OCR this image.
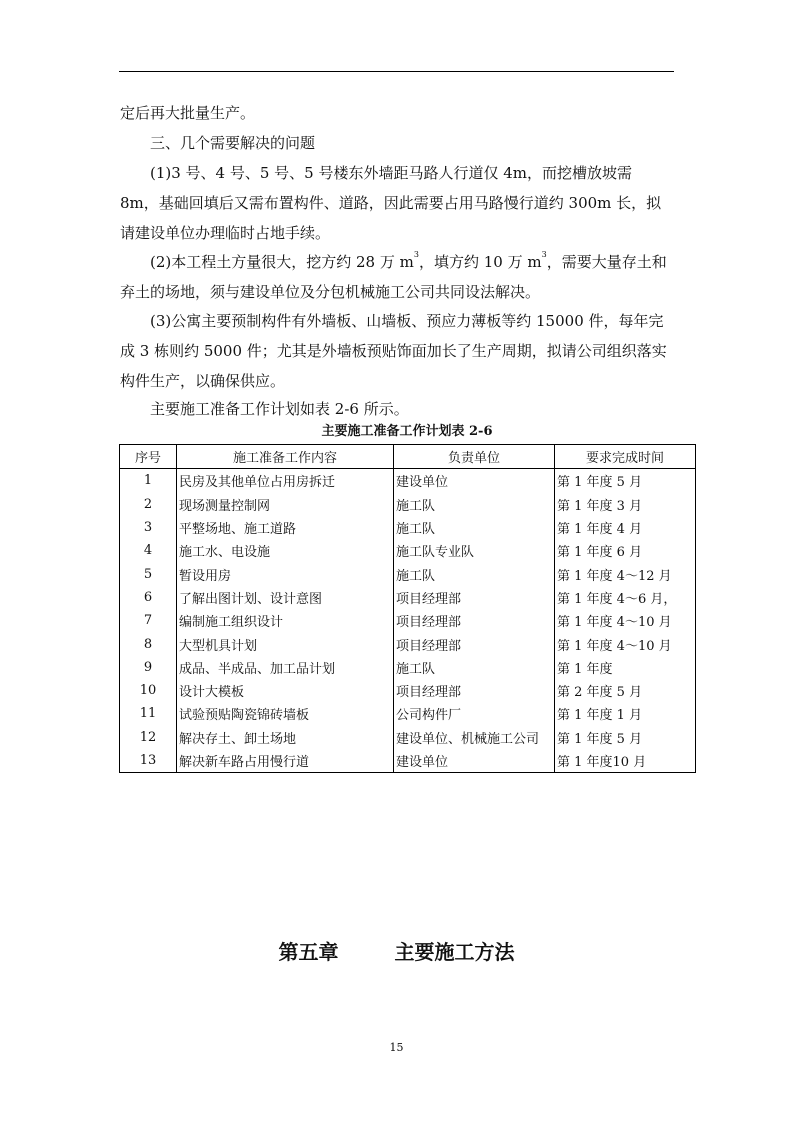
定后再大批量生产。

三、几个需要解决的问题

(1)3 号、4 号、5 号、5 号楼东外墙距马路人行道仅 4m，而挖槽放坡需 8m，基础回填后又需布置构件、道路，因此需要占用马路慢行道约 300m 长，拟请建设单位办理临时占地手续。

(2)本工程土方量很大，挖方约 28 万 $m^3$，填方约 10 万 $m^3$，需要大量存土和弃土的场地，须与建设单位及分包机械施工公司共同设法解决。

(3)公寓主要预制构件有外墙板、山墙板、预应力薄板等约 15000 件，每年完成 3 栋则约 5000 件；尤其是外墙板预贴饰面加长了生产周期，拟请公司组织落实构件生产，以确保供应。

主要施工准备工作计划如表 2-6 所示。

主要施工准备工作计划表 2-6
序号	施工准备工作内容	负责单位	要求完成时间
1	民房及其他单位占用房拆迁	建设单位	第 1 年度 5 月
2	现场测量控制网	施工队	第 1 年度 3 月
3	平整场地、施工道路	施工队	第 1 年度 4 月
4	施工水、电设施	施工队专业队	第 1 年度 6 月
5	暂设用房	施工队	第 1 年度 4～12 月
6	了解出图计划、设计意图	项目经理部	第 1 年度 4～6 月，
7	编制施工组织设计	项目经理部	第 1 年度 4～10 月
8	大型机具计划	项目经理部	第 1 年度 4～10 月
9	成品、半成品、加工品计划	施工队	第 1 年度
10	设计大模板	项目经理部	第 2 年度 5 月
11	试验预贴陶瓷锦砖墙板	公司构件厂	第 1 年度 1 月
12	解决存土、卸土场地	建设单位、机械施工公司	第 1 年度 5 月
13	解决新车路占用慢行道	建设单位	第 1 年度10 月
第五章	主要施工方法
15
